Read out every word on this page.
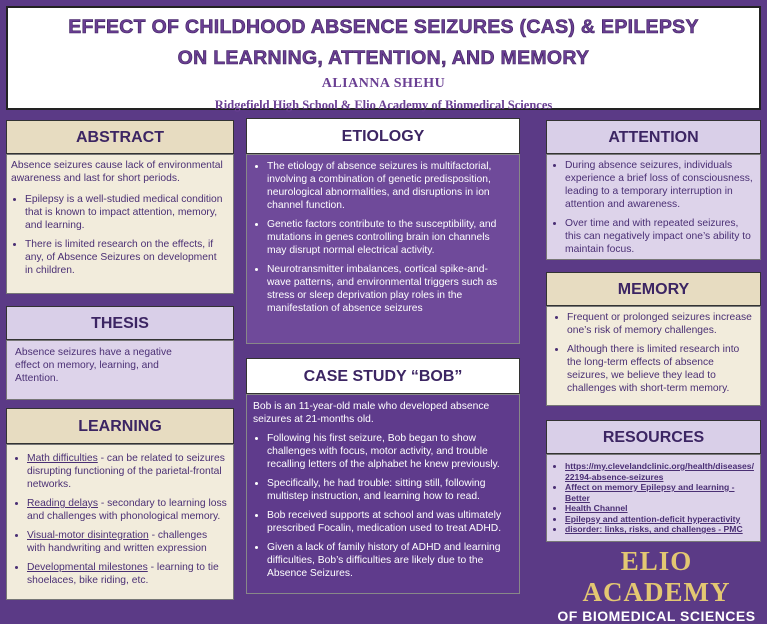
EFFECT OF CHILDHOOD ABSENCE SEIZURES (CAS) & EPILEPSY
ON LEARNING, ATTENTION, AND MEMORY
ALIANNA SHEHU
Ridgefield High School & Elio Academy of Biomedical Sciences
ABSTRACT

Absence seizures cause lack of environmental awareness and last for short periods.

• Epilepsy is a well-studied medical condition that is known to impact attention, memory, and learning.
• There is limited research on the effects, if any, of Absence Seizures on development in children.
THESIS

Absence seizures have a negative effect on memory, learning, and Attention.

LEARNING
• Math difficulties - can be related to seizures disrupting functioning of the parietal-frontal networks.
• Reading delays - secondary to learning loss and challenges with phonological memory.
• Visual-motor disintegration - challenges with handwriting and written expression
• Developmental milestones - learning to tie shoelaces, bike riding, etc.
ETIOLOGY
• The etiology of absence seizures is multifactorial, involving a combination of genetic predisposition, neurological abnormalities, and disruptions in ion channel function.
• Genetic factors contribute to the susceptibility, and mutations in genes controlling brain ion channels may disrupt normal electrical activity.
• Neurotransmitter imbalances, cortical spike-and-wave patterns, and environmental triggers such as stress or sleep deprivation play roles in the manifestation of absence seizures
CASE STUDY “BOB”

Bob is an 11-year-old male who developed absence seizures at 21-months old.

• Following his first seizure, Bob began to show challenges with focus, motor activity, and trouble recalling letters of the alphabet he knew previously.
• Specifically, he had trouble: sitting still, following multistep instruction, and learning how to read.
• Bob received supports at school and was ultimately prescribed Focalin, medication used to treat ADHD.
• Given a lack of family history of ADHD and learning difficulties, Bob’s difficulties are likely due to the Absence Seizures.
ATTENTION
• During absence seizures, individuals experience a brief loss of consciousness, leading to a temporary interruption in attention and awareness.
• Over time and with repeated seizures, this can negatively impact one’s ability to maintain focus.
MEMORY
• Frequent or prolonged seizures increase one’s risk of memory challenges.
• Although there is limited research into the long-term effects of absence seizures, we believe they lead to challenges with short-term memory.
RESOURCES
• https://my.clevelandclinic.org/health/diseases/22194-absence-seizures
• Affect on memory Epilepsy and learning - Better
• Health Channel
• Epilepsy and attention-deficit hyperactivity
• disorder: links, risks, and challenges - PMC
ELIO ACADEMY
OF BIOMEDICAL SCIENCES
